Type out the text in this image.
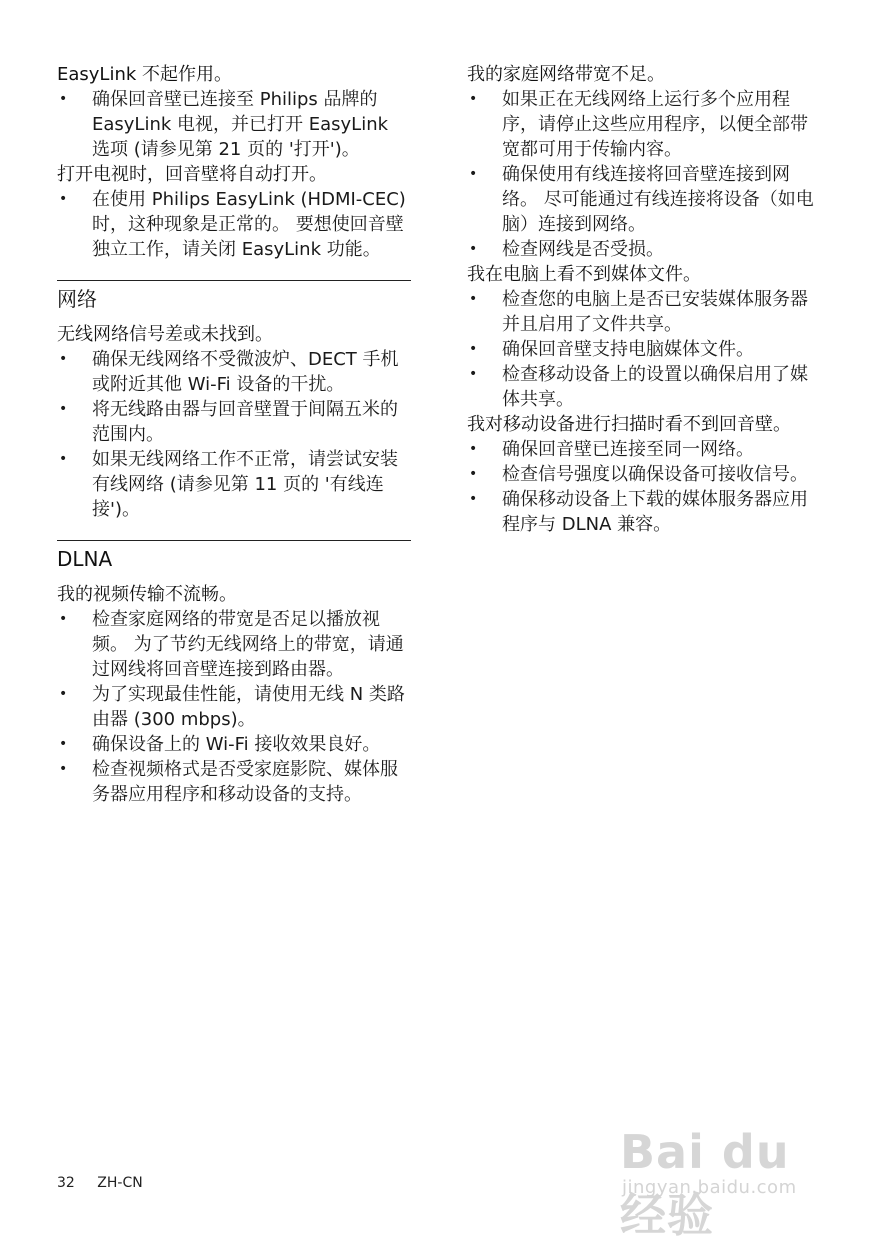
EasyLink 不起作用。

• 确保回音壁已连接至 Philips 品牌的 EasyLink 电视，并已打开 EasyLink 选项 (请参见第 21 页的 '打开')。

打开电视时，回音壁将自动打开。

• 在使用 Philips EasyLink (HDMI-CEC) 时，这种现象是正常的。 要想使回音壁独立工作，请关闭 EasyLink 功能。

网络

无线网络信号差或未找到。

• 确保无线网络不受微波炉、DECT 手机或附近其他 Wi-Fi 设备的干扰。
• 将无线路由器与回音壁置于间隔五米的范围内。
• 如果无线网络工作不正常，请尝试安装有线网络 (请参见第 11 页的 '有线连接')。

DLNA

我的视频传输不流畅。

• 检查家庭网络的带宽是否足以播放视频。 为了节约无线网络上的带宽，请通过网线将回音壁连接到路由器。
• 为了实现最佳性能，请使用无线 N 类路由器 (300 mbps)。
• 确保设备上的 Wi-Fi 接收效果良好。
• 检查视频格式是否受家庭影院、媒体服务器应用程序和移动设备的支持。

我的家庭网络带宽不足。

• 如果正在无线网络上运行多个应用程序，请停止这些应用程序，以便全部带宽都可用于传输内容。
• 确保使用有线连接将回音壁连接到网络。 尽可能通过有线连接将设备（如电脑）连接到网络。
• 检查网线是否受损。

我在电脑上看不到媒体文件。

• 检查您的电脑上是否已安装媒体服务器并且启用了文件共享。
• 确保回音壁支持电脑媒体文件。
• 检查移动设备上的设置以确保启用了媒体共享。

我对移动设备进行扫描时看不到回音壁。

• 确保回音壁已连接至同一网络。
• 检查信号强度以确保设备可接收信号。
• 确保移动设备上下载的媒体服务器应用程序与 DLNA 兼容。
32 ZH-CN
Bai du 经验
jingyan.baidu.com
